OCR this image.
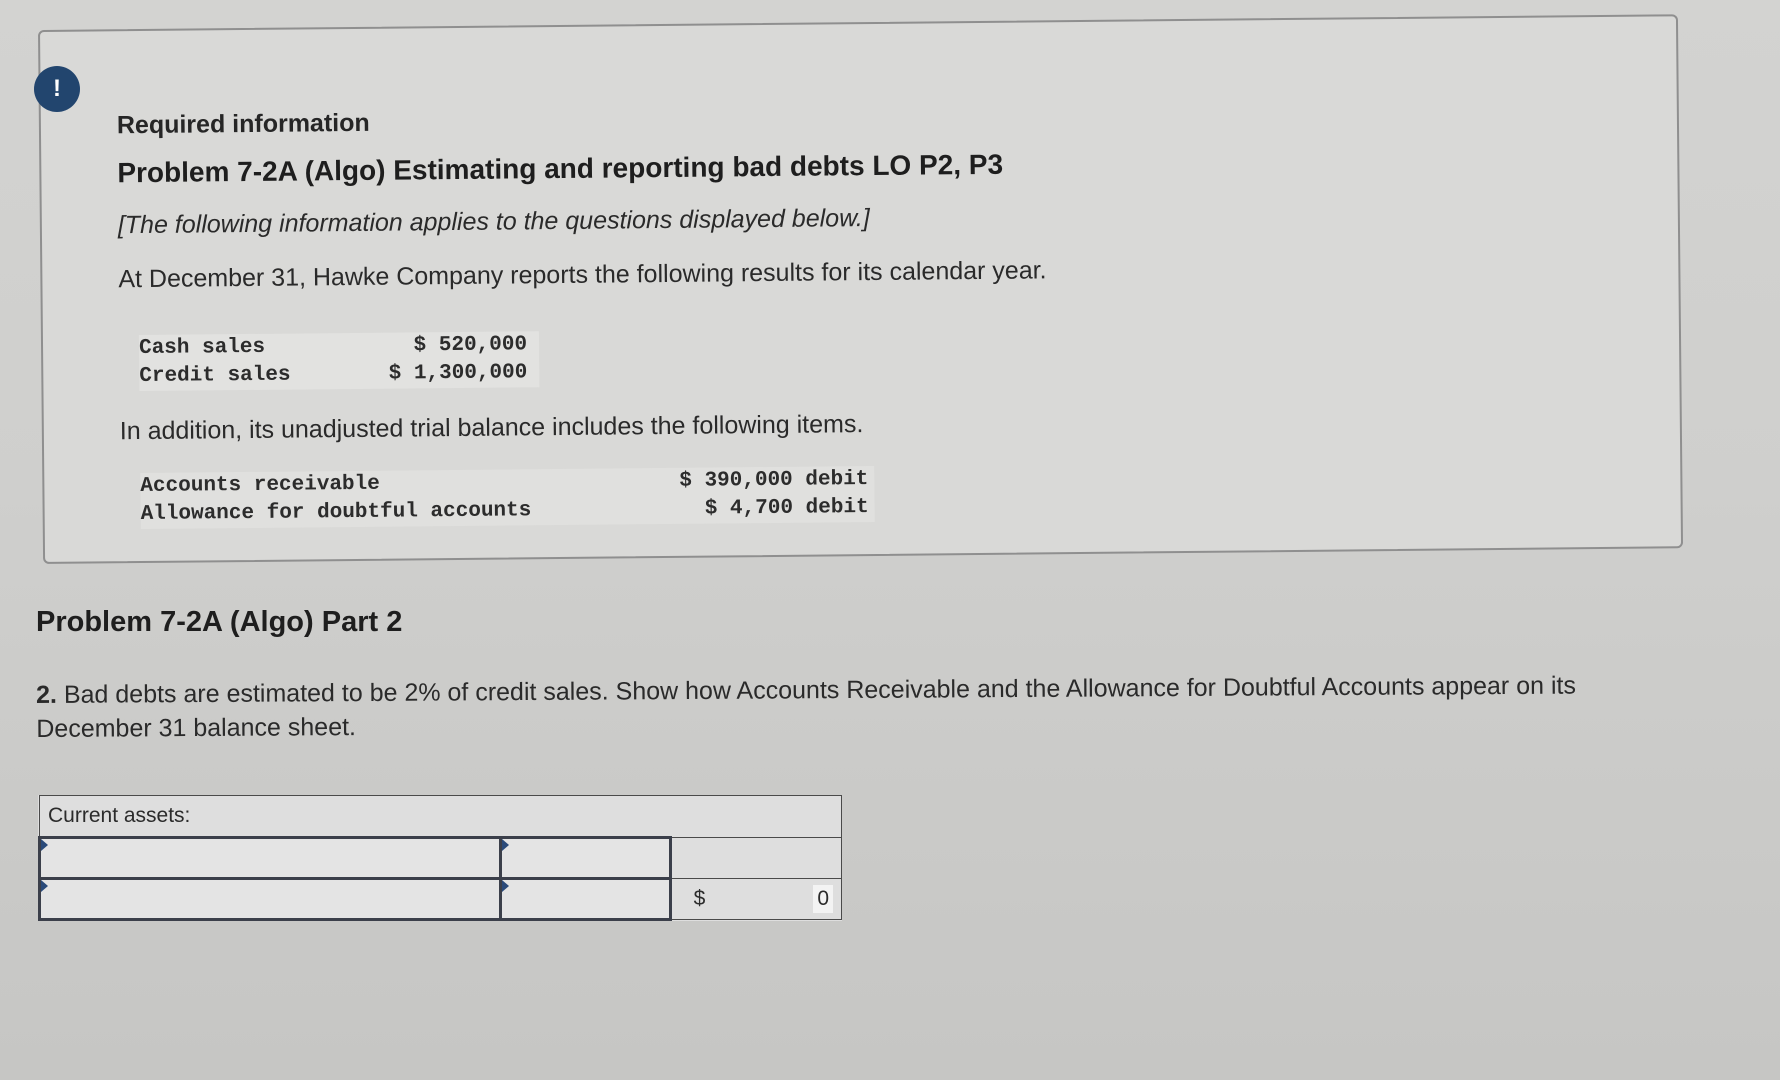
!
Required information
Problem 7-2A (Algo) Estimating and reporting bad debts LO P2, P3
[The following information applies to the questions displayed below.]
At December 31, Hawke Company reports the following results for its calendar year.
Cash sales	$ 520,000
Credit sales	$ 1,300,000
In addition, its unadjusted trial balance includes the following items.
Accounts receivable	$ 390,000 debit
Allowance for doubtful accounts	$ 4,700 debit
Problem 7-2A (Algo) Part 2
2. Bad debts are estimated to be 2% of credit sales. Show how Accounts Receivable and the Allowance for Doubtful Accounts appear on its December 31 balance sheet.
Current assets:		

		$ 0
